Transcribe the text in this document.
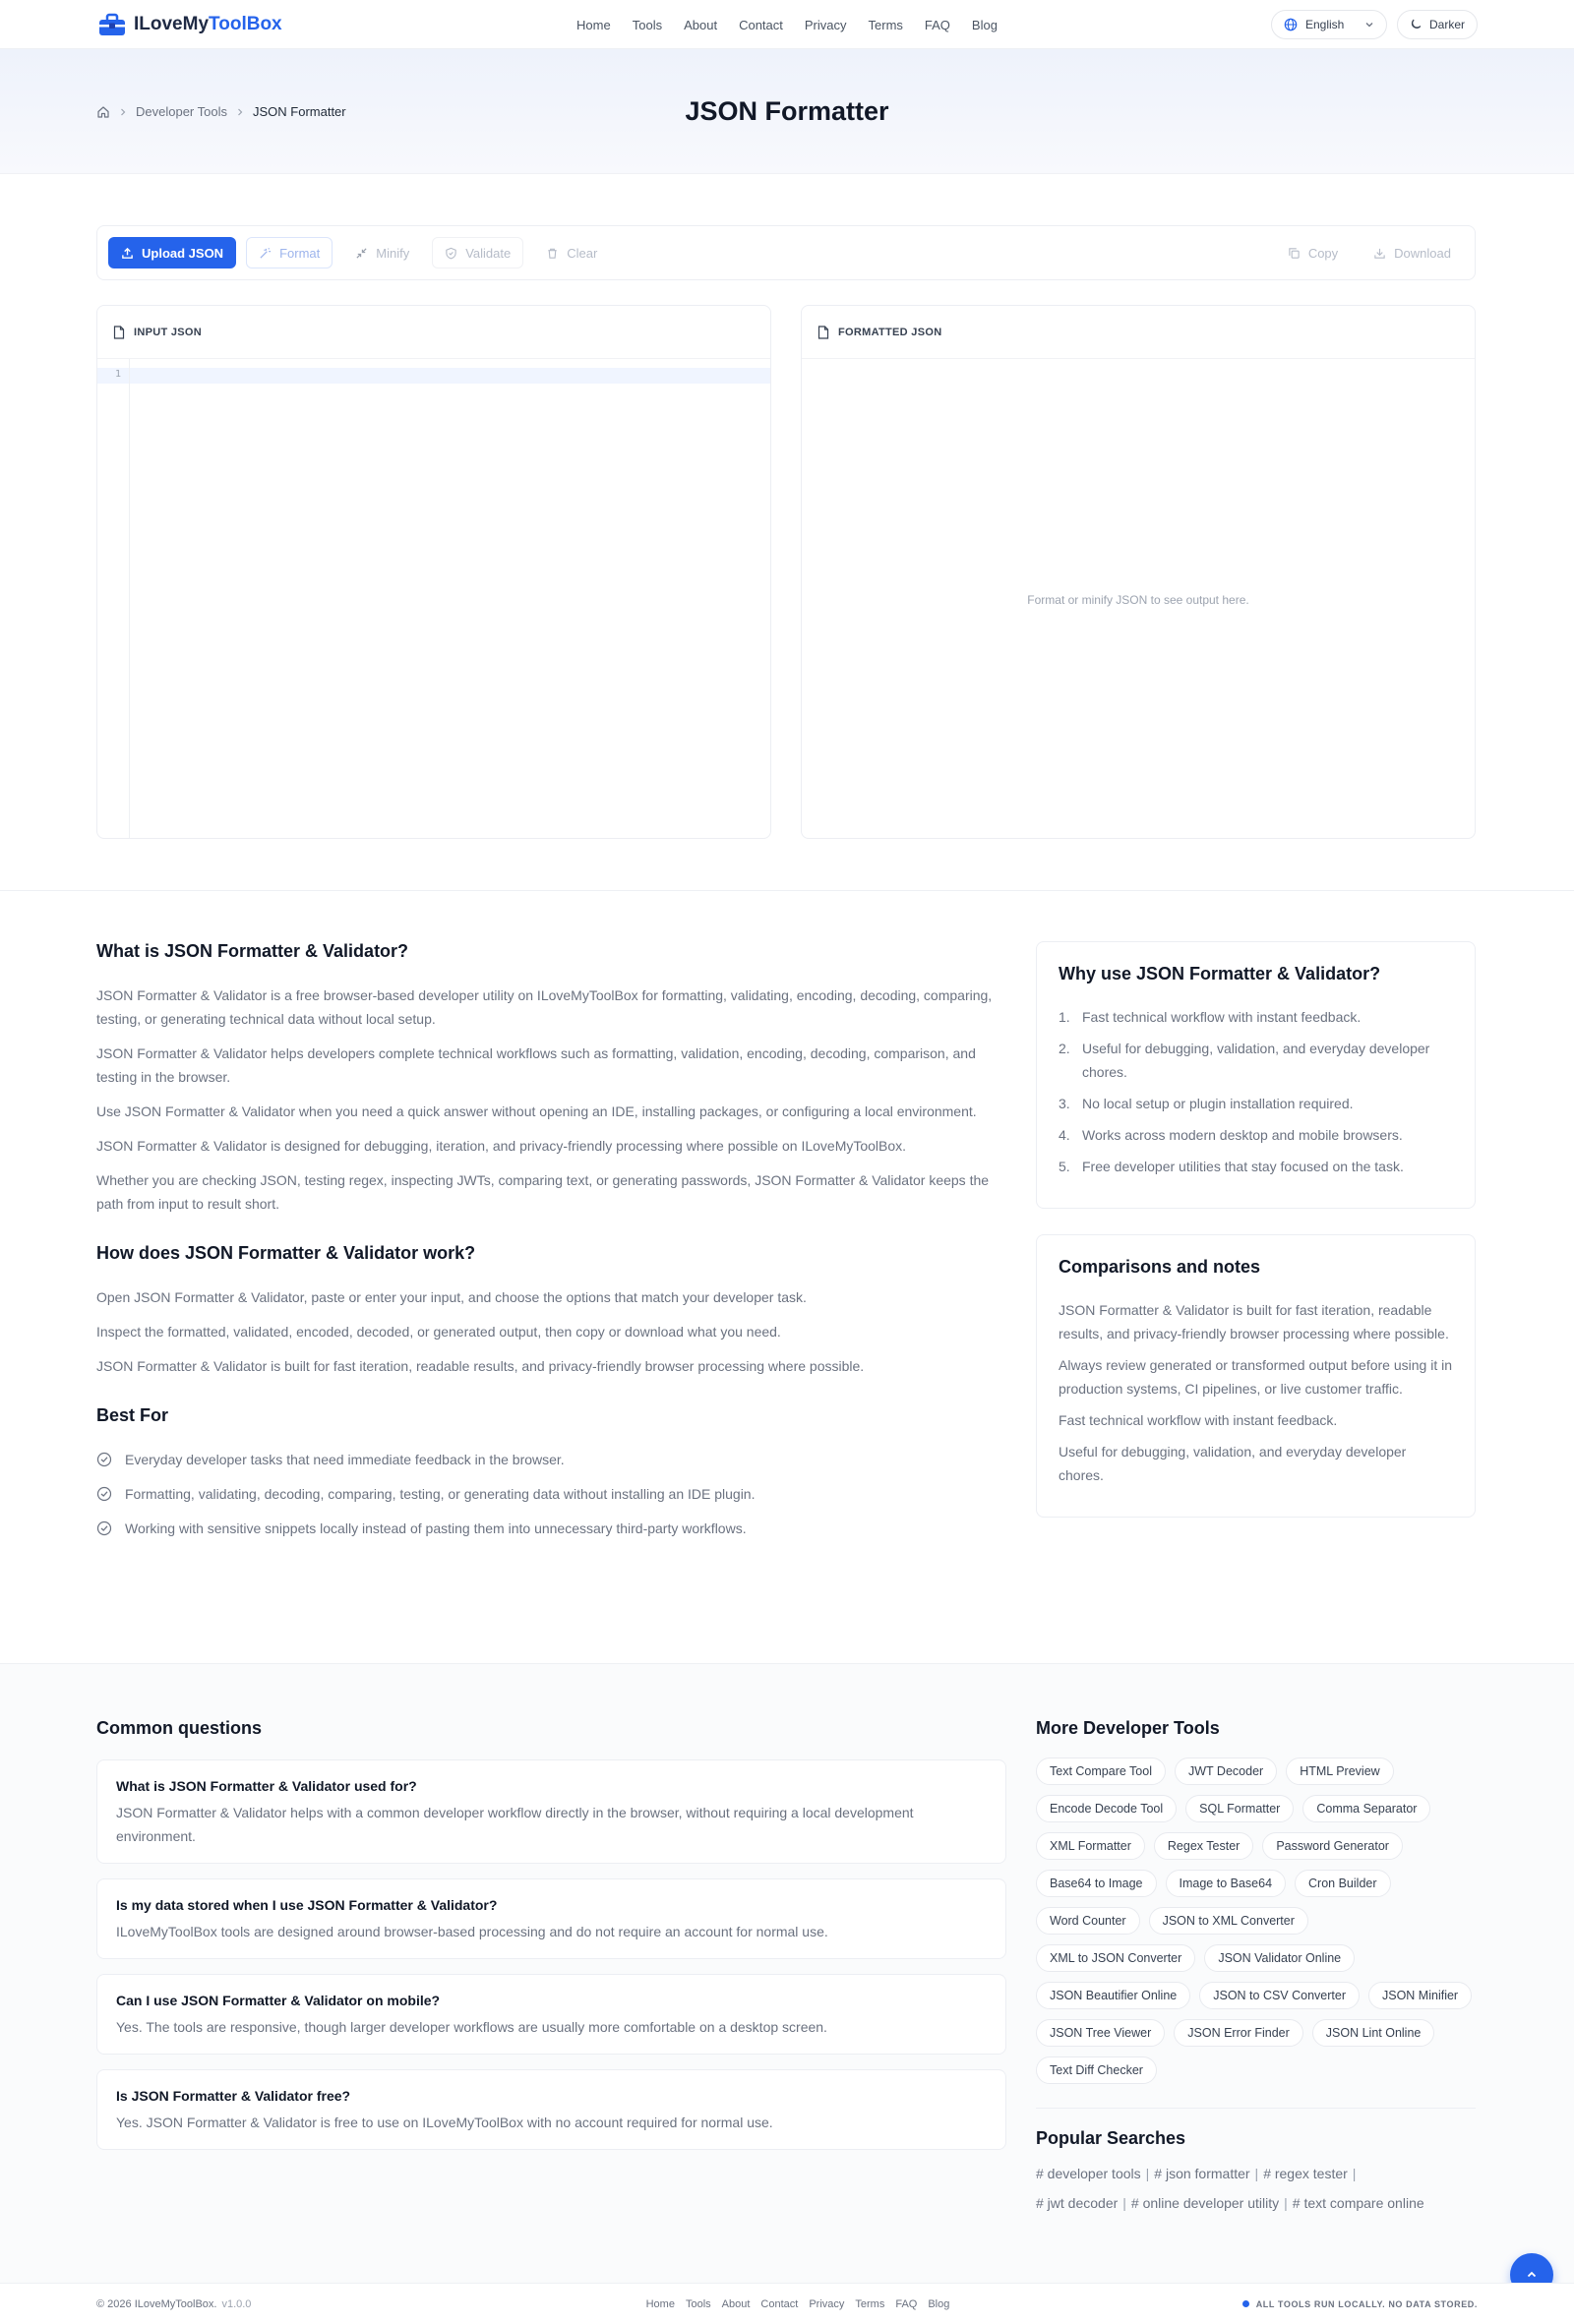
ILoveMyToolBox	Home Tools About Contact Privacy Terms FAQ Blog	English	Darker
Developer Tools JSON Formatter	JSON Formatter
Upload JSON	Format	Minify	Validate	Clear	Copy	Download
INPUT JSON
1
FORMATTED JSON
Format or minify JSON to see output here.
What is JSON Formatter & Validator?

JSON Formatter & Validator is a free browser-based developer utility on ILoveMyToolBox for formatting, validating, encoding, decoding, comparing, testing, or generating technical data without local setup.

JSON Formatter & Validator helps developers complete technical workflows such as formatting, validation, encoding, decoding, comparison, and testing in the browser.

Use JSON Formatter & Validator when you need a quick answer without opening an IDE, installing packages, or configuring a local environment.

JSON Formatter & Validator is designed for debugging, iteration, and privacy-friendly processing where possible on ILoveMyToolBox.

Whether you are checking JSON, testing regex, inspecting JWTs, comparing text, or generating passwords, JSON Formatter & Validator keeps the path from input to result short.

How does JSON Formatter & Validator work?

Open JSON Formatter & Validator, paste or enter your input, and choose the options that match your developer task.

Inspect the formatted, validated, encoded, decoded, or generated output, then copy or download what you need.

JSON Formatter & Validator is built for fast iteration, readable results, and privacy-friendly browser processing where possible.

Best For
Everyday developer tasks that need immediate feedback in the browser.
Formatting, validating, decoding, comparing, testing, or generating data without installing an IDE plugin.
Working with sensitive snippets locally instead of pasting them into unnecessary third-party workflows.
Why use JSON Formatter & Validator?
1. Fast technical workflow with instant feedback.
2. Useful for debugging, validation, and everyday developer chores.
3. No local setup or plugin installation required.
4. Works across modern desktop and mobile browsers.
5. Free developer utilities that stay focused on the task.
Comparisons and notes

JSON Formatter & Validator is built for fast iteration, readable results, and privacy-friendly browser processing where possible.

Always review generated or transformed output before using it in production systems, CI pipelines, or live customer traffic.

Fast technical workflow with instant feedback.

Useful for debugging, validation, and everyday developer chores.

Common questions
What is JSON Formatter & Validator used for?

JSON Formatter & Validator helps with a common developer workflow directly in the browser, without requiring a local development environment.

Is my data stored when I use JSON Formatter & Validator?

ILoveMyToolBox tools are designed around browser-based processing and do not require an account for normal use.

Can I use JSON Formatter & Validator on mobile?

Yes. The tools are responsive, though larger developer workflows are usually more comfortable on a desktop screen.

Is JSON Formatter & Validator free?

Yes. JSON Formatter & Validator is free to use on ILoveMyToolBox with no account required for normal use.

More Developer Tools
Text Compare Tool	JWT Decoder	HTML Preview
Encode Decode Tool	SQL Formatter	Comma Separator
XML Formatter	Regex Tester	Password Generator
Base64 to Image	Image to Base64	Cron Builder
Word Counter	JSON to XML Converter
XML to JSON Converter	JSON Validator Online
JSON Beautifier Online	JSON to CSV Converter	JSON Minifier
JSON Tree Viewer	JSON Error Finder	JSON Lint Online
Text Diff Checker
Popular Searches
# developer tools | # json formatter | # regex tester |
# jwt decoder | # online developer utility | # text compare online
© 2026 ILoveMyToolBox. v1.0.0	Home Tools About Contact Privacy Terms FAQ Blog	ALL TOOLS RUN LOCALLY. NO DATA STORED.
